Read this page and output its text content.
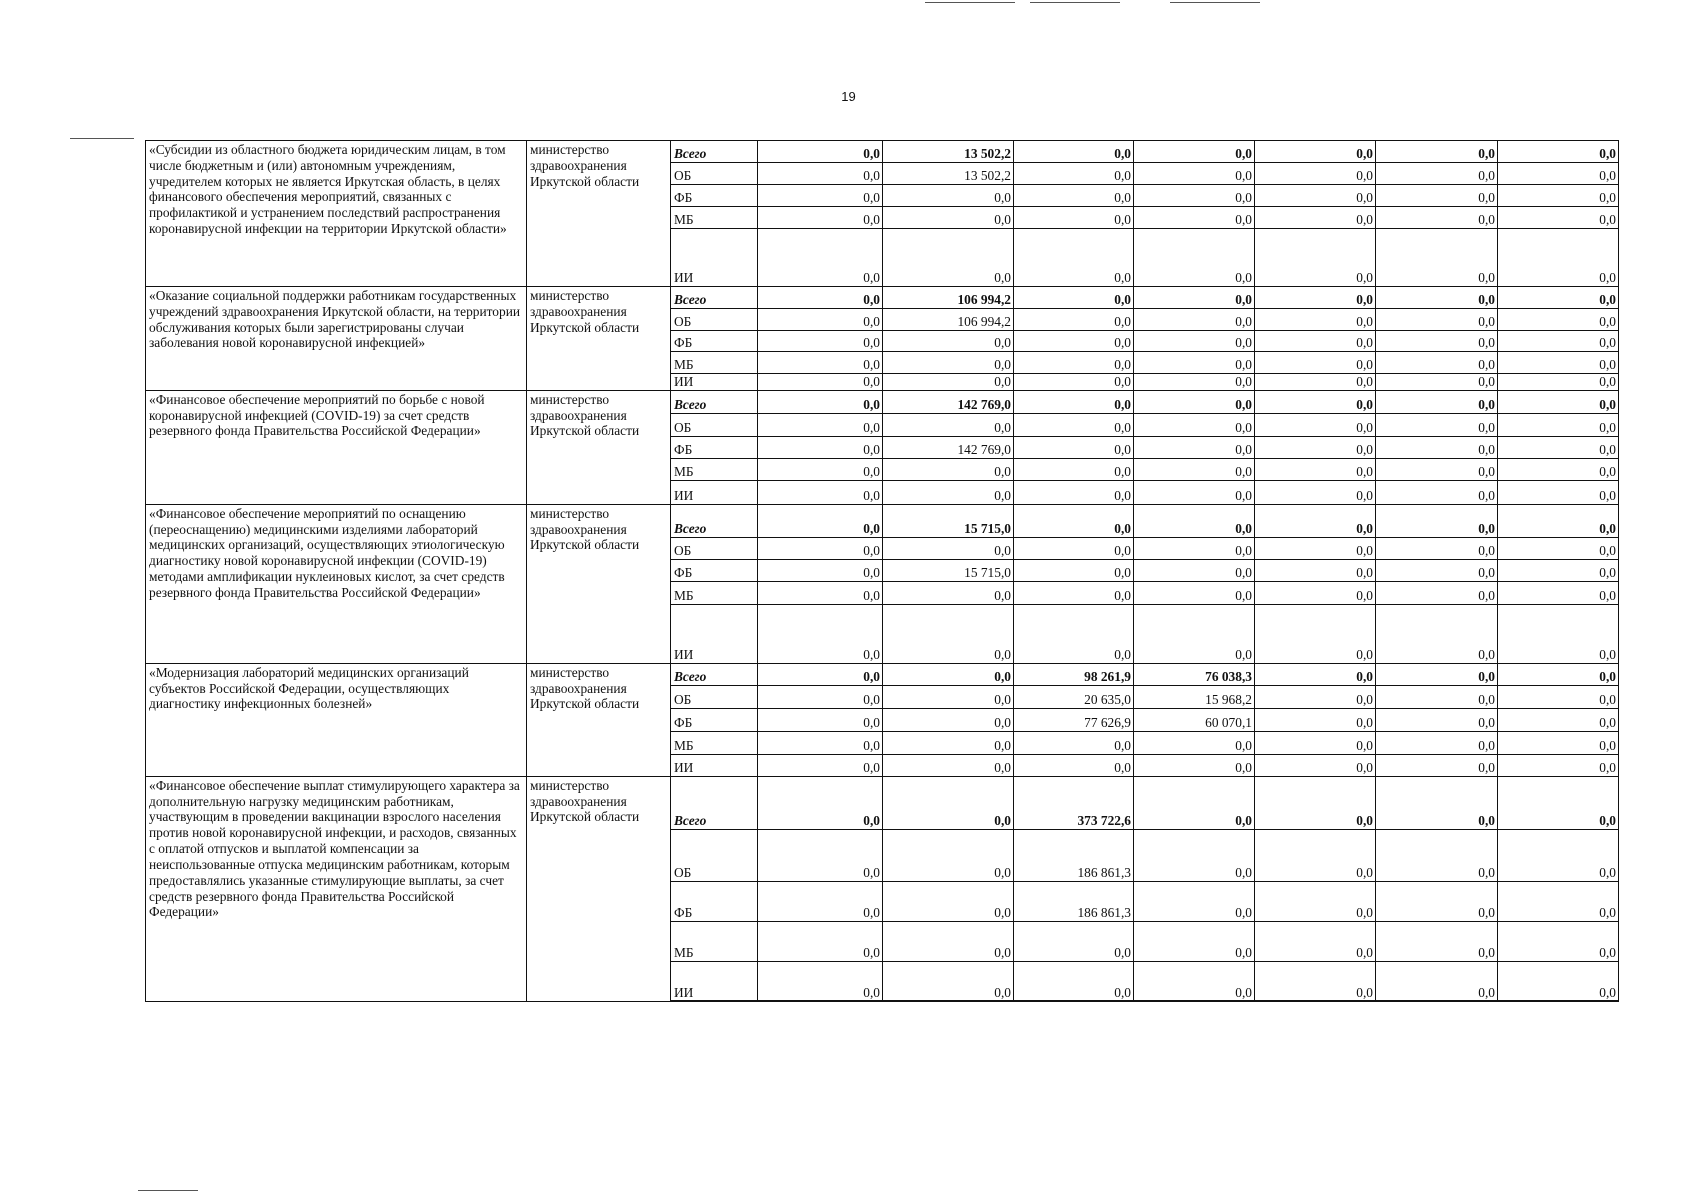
19
«Субсидии из областного бюджета юридическим лицам, в том числе бюджетным и (или) автономным учреждениям, учредителем которых не является Иркутская область, в целях финансового обеспечения мероприятий, связанных с профилактикой и устранением последствий распространения коронавирусной инфекции на территории Иркутской области»	министерство здравоохранения Иркутской области	Всего	0,0	13 502,2	0,0	0,0	0,0	0,0	0,0
		ОБ	0,0	13 502,2	0,0	0,0	0,0	0,0	0,0
		ФБ	0,0	0,0	0,0	0,0	0,0	0,0	0,0
		МБ	0,0	0,0	0,0	0,0	0,0	0,0	0,0
		ИИ	0,0	0,0	0,0	0,0	0,0	0,0	0,0
«Оказание социальной поддержки работникам государственных учреждений здравоохранения Иркутской области, на территории обслуживания которых были зарегистрированы случаи заболевания новой коронавирусной инфекцией»	министерство здравоохранения Иркутской области	Всего	0,0	106 994,2	0,0	0,0	0,0	0,0	0,0
		ОБ	0,0	106 994,2	0,0	0,0	0,0	0,0	0,0
		ФБ	0,0	0,0	0,0	0,0	0,0	0,0	0,0
		МБ	0,0	0,0	0,0	0,0	0,0	0,0	0,0
		ИИ	0,0	0,0	0,0	0,0	0,0	0,0	0,0
«Финансовое обеспечение мероприятий по борьбе с новой коронавирусной инфекцией (COVID-19) за счет средств резервного фонда Правительства Российской Федерации»	министерство здравоохранения Иркутской области	Всего	0,0	142 769,0	0,0	0,0	0,0	0,0	0,0
		ОБ	0,0	0,0	0,0	0,0	0,0	0,0	0,0
		ФБ	0,0	142 769,0	0,0	0,0	0,0	0,0	0,0
		МБ	0,0	0,0	0,0	0,0	0,0	0,0	0,0
		ИИ	0,0	0,0	0,0	0,0	0,0	0,0	0,0
«Финансовое обеспечение мероприятий по оснащению (переоснащению) медицинскими изделиями лабораторий медицинских организаций, осуществляющих этиологическую диагностику новой коронавирусной инфекции (COVID-19) методами амплификации нуклеиновых кислот, за счет средств резервного фонда Правительства Российской Федерации»	министерство здравоохранения Иркутской области	Всего	0,0	15 715,0	0,0	0,0	0,0	0,0	0,0
		ОБ	0,0	0,0	0,0	0,0	0,0	0,0	0,0
		ФБ	0,0	15 715,0	0,0	0,0	0,0	0,0	0,0
		МБ	0,0	0,0	0,0	0,0	0,0	0,0	0,0
		ИИ	0,0	0,0	0,0	0,0	0,0	0,0	0,0
«Модернизация лабораторий медицинских организаций субъектов Российской Федерации, осуществляющих диагностику инфекционных болезней»	министерство здравоохранения Иркутской области	Всего	0,0	0,0	98 261,9	76 038,3	0,0	0,0	0,0
		ОБ	0,0	0,0	20 635,0	15 968,2	0,0	0,0	0,0
		ФБ	0,0	0,0	77 626,9	60 070,1	0,0	0,0	0,0
		МБ	0,0	0,0	0,0	0,0	0,0	0,0	0,0
		ИИ	0,0	0,0	0,0	0,0	0,0	0,0	0,0
«Финансовое обеспечение выплат стимулирующего характера за дополнительную нагрузку медицинским работникам, участвующим в проведении вакцинации взрослого населения против новой коронавирусной инфекции, и расходов, связанных с оплатой отпусков и выплатой компенсации за неиспользованные отпуска медицинским работникам, которым предоставлялись указанные стимулирующие выплаты, за счет средств резервного фонда Правительства Российской Федерации»	министерство здравоохранения Иркутской области	Всего	0,0	0,0	373 722,6	0,0	0,0	0,0	0,0
		ОБ	0,0	0,0	186 861,3	0,0	0,0	0,0	0,0
		ФБ	0,0	0,0	186 861,3	0,0	0,0	0,0	0,0
		МБ	0,0	0,0	0,0	0,0	0,0	0,0	0,0
		ИИ	0,0	0,0	0,0	0,0	0,0	0,0	0,0
